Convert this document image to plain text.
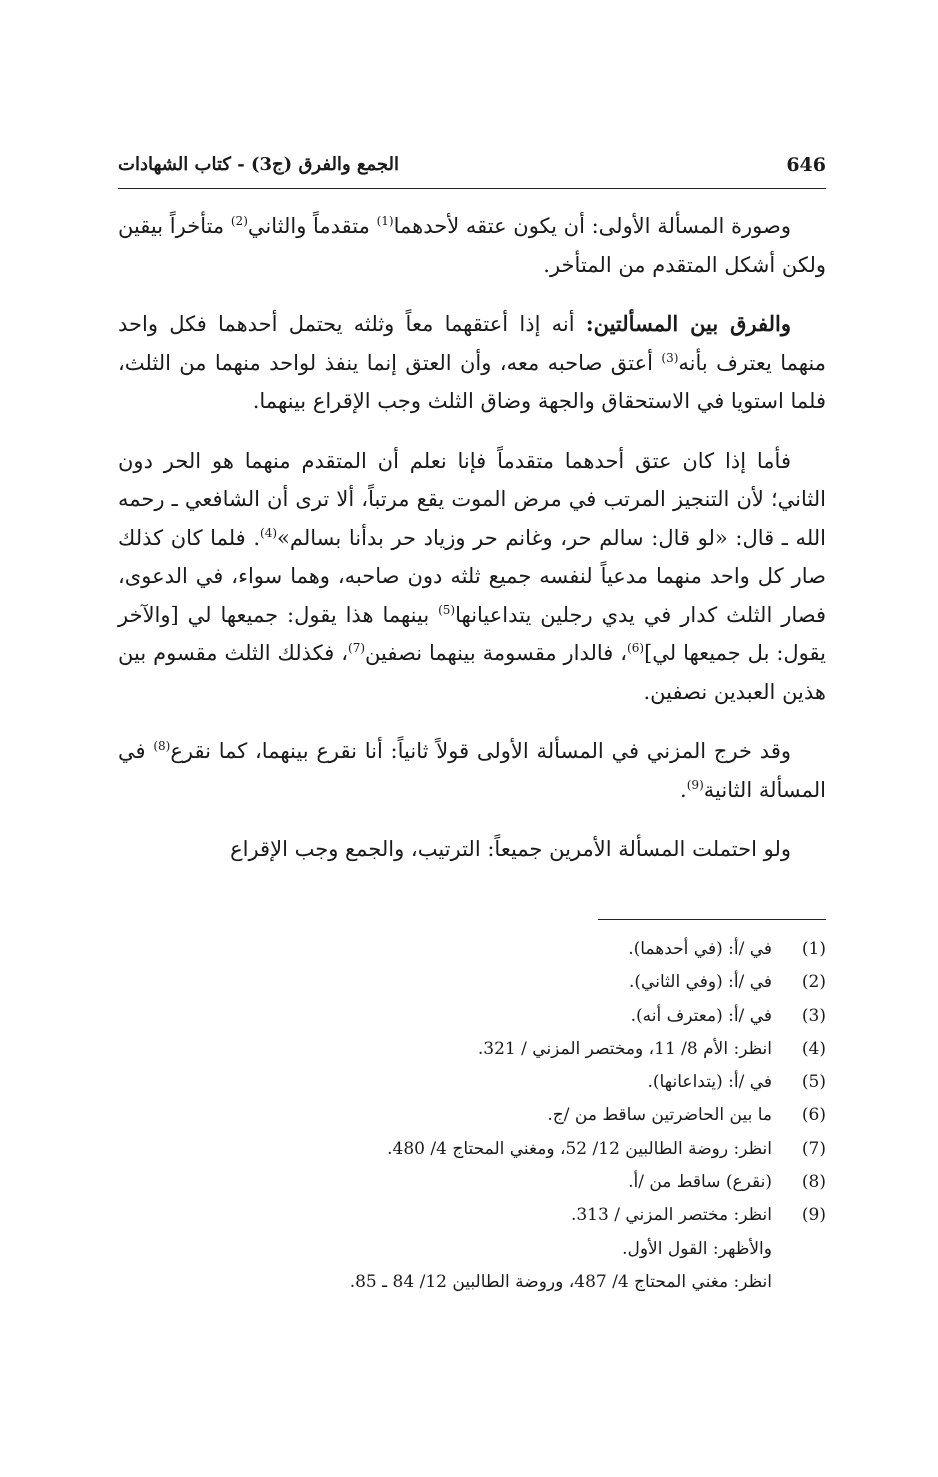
646
الجمع والفرق (ج3) - كتاب الشهادات

وصورة المسألة الأولى: أن يكون عتقه لأحدهما$^{(1)}$ متقدماً والثاني$^{(2)}$ متأخراً بيقين ولكن أشكل المتقدم من المتأخر.

والفرق بين المسألتين: أنه إذا أعتقهما معاً وثلثه يحتمل أحدهما فكل واحد منهما يعترف بأنه$^{(3)}$ أعتق صاحبه معه، وأن العتق إنما ينفذ لواحد منهما من الثلث، فلما استويا في الاستحقاق والجهة وضاق الثلث وجب الإقراع بينهما.

فأما إذا كان عتق أحدهما متقدماً فإنا نعلم أن المتقدم منهما هو الحر دون الثاني؛ لأن التنجيز المرتب في مرض الموت يقع مرتباً، ألا ترى أن الشافعي ـ رحمه الله ـ قال: «لو قال: سالم حر، وغانم حر وزياد حر بدأنا بسالم»$^{(4)}$. فلما كان كذلك صار كل واحد منهما مدعياً لنفسه جميع ثلثه دون صاحبه، وهما سواء، في الدعوى، فصار الثلث كدار في يدي رجلين يتداعيانها$^{(5)}$ بينهما هذا يقول: جميعها لي [والآخر يقول: بل جميعها لي]$^{(6)}$، فالدار مقسومة بينهما نصفين$^{(7)}$، فكذلك الثلث مقسوم بين هذين العبدين نصفين.

وقد خرج المزني في المسألة الأولى قولاً ثانياً: أنا نقرع بينهما، كما نقرع$^{(8)}$ في المسألة الثانية$^{(9)}$.

ولو احتملت المسألة الأمرين جميعاً: الترتيب، والجمع وجب الإقراع

(1)
في /أ: (في أحدهما).
(2)
في /أ: (وفي الثاني).
(3)
في /أ: (معترف أنه).
(4)
انظر: الأم 8/ 11، ومختصر المزني / 321.
(5)
في /أ: (يتداعانها).
(6)
ما بين الحاضرتين ساقط من /ج.
(7)
انظر: روضة الطالبين 12/ 52، ومغني المحتاج 4/ 480.
(8)
(نقرع) ساقط من /أ.
(9)
انظر: مختصر المزني / 313.
والأظهر: القول الأول.
انظر: مغني المحتاج 4/ 487، وروضة الطالبين 12/ 84 ـ 85.
